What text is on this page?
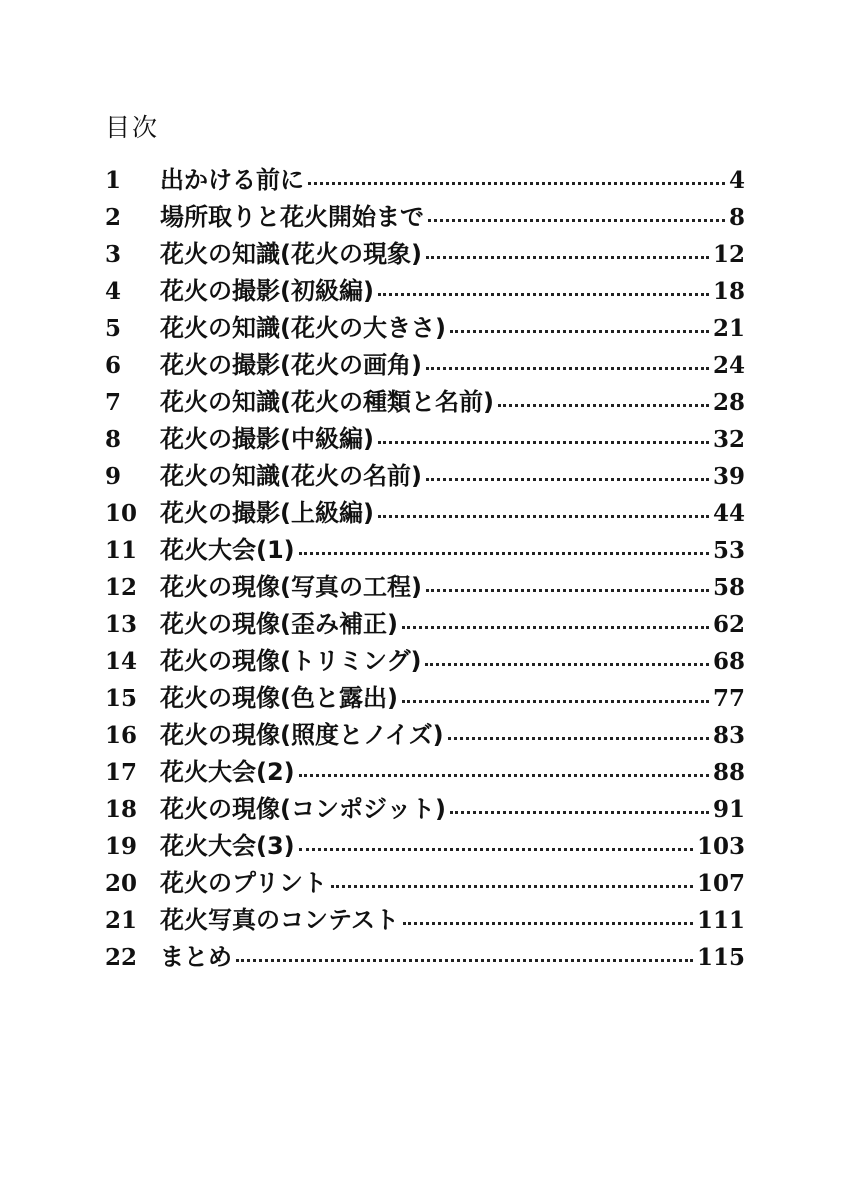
目次
1	出かける前に	4
2	場所取りと花火開始まで	8
3	花火の知識(花火の現象)	12
4	花火の撮影(初級編)	18
5	花火の知識(花火の大きさ)	21
6	花火の撮影(花火の画角)	24
7	花火の知識(花火の種類と名前)	28
8	花火の撮影(中級編)	32
9	花火の知識(花火の名前)	39
10 花火の撮影(上級編)	44
11 花火大会(1)	53
12 花火の現像(写真の工程)	58
13 花火の現像(歪み補正)	62
14 花火の現像(トリミング)	68
15 花火の現像(色と露出)	77
16 花火の現像(照度とノイズ)	83
17 花火大会(2)	88
18 花火の現像(コンポジット)	91
19 花火大会(3)	103
20 花火のプリント	107
21 花火写真のコンテスト	111
22 まとめ	115
